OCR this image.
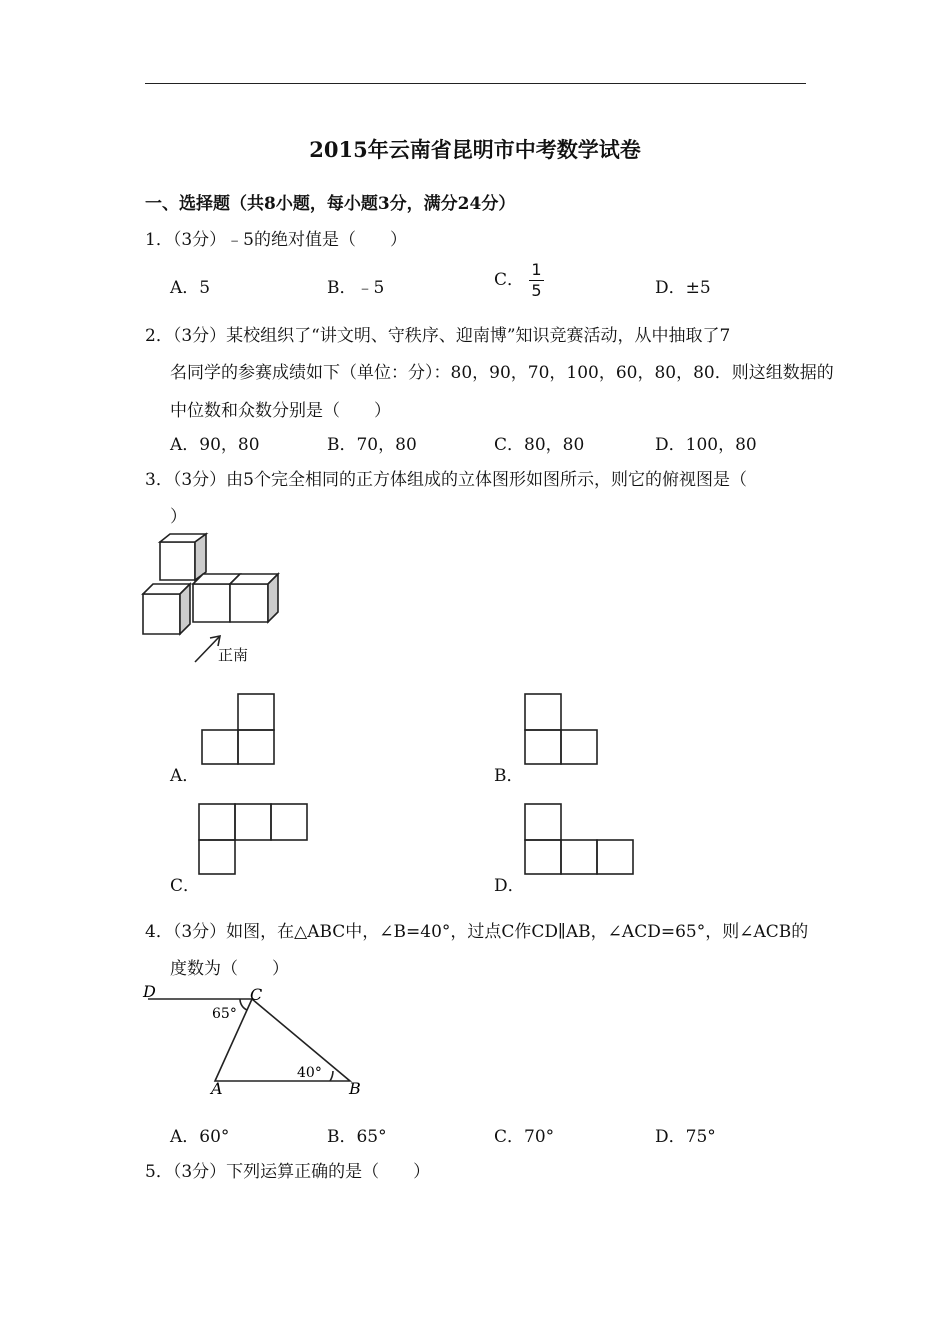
2015年云南省昆明市中考数学试卷
一、选择题（共8小题，每小题3分，满分24分）
1．（3分）﹣5的绝对值是（　　）
A．5	B．﹣5	C． $\frac{1}{5}$	D．±5
2．（3分）某校组织了“讲文明、守秩序、迎南博”知识竞赛活动，从中抽取了7
名同学的参赛成绩如下（单位：分）：80，90，70，100，60，80，80．则这组数据的
中位数和众数分别是（　　）
A．90，80	B．70，80	C．80，80	D．100，80
3．（3分）由5个完全相同的正方体组成的立体图形如图所示，则它的俯视图是（
）
正南
A．	B．
C．	D．
4．（3分）如图，在△ABC中，∠B=40°，过点C作CD∥AB，∠ACD=65°，则∠ACB的
度数为（　　）
D	C
A	B
65°
40°
A．60°	B．65°	C．70°	D．75°
5．（3分）下列运算正确的是（　　）
